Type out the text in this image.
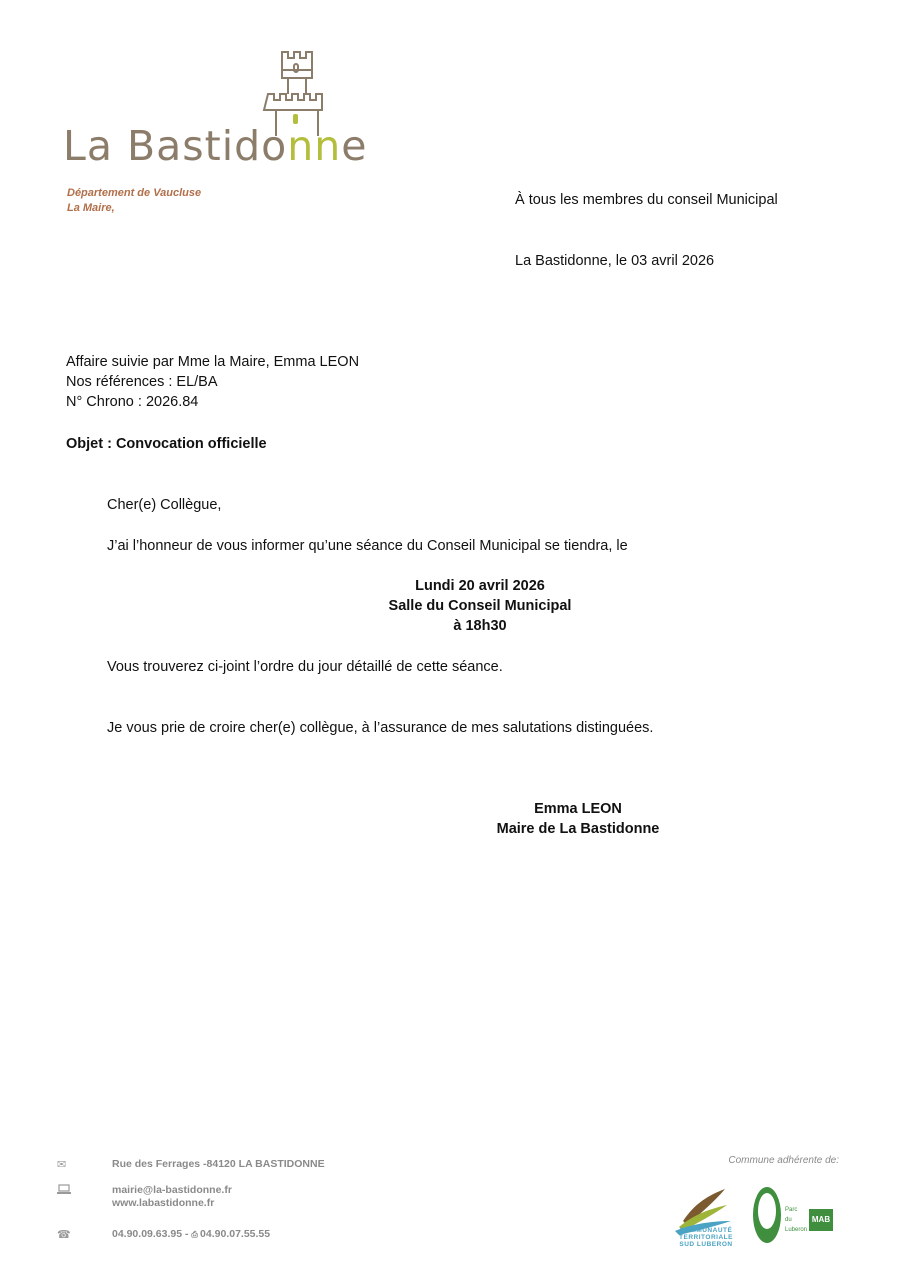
La Bastidonne
Département de Vaucluse
La Maire,	À tous les membres du conseil Municipal
La Bastidonne, le 03 avril 2026
Affaire suivie par Mme la Maire, Emma LEON
Nos références : EL/BA
N° Chrono : 2026.84
Objet : Convocation officielle
Cher(e) Collègue,
J’ai l’honneur de vous informer qu’une séance du Conseil Municipal se tiendra, le
Lundi 20 avril 2026
Salle du Conseil Municipal
à 18h30
Vous trouverez ci-joint l’ordre du jour détaillé de cette séance.
Je vous prie de croire cher(e) collègue, à l’assurance de mes salutations distinguées.
Emma LEON
Maire de La Bastidonne
✉	Rue des Ferrages -84120 LA BASTIDONNE
mairie@la-bastidonne.fr
www.labastidonne.fr
☎	04.90.09.63.95 - ⎙ 04.90.07.55.55
Commune adhérente de:
COMMUNAUTÉ
TERRITORIALE
SUD LUBERON
Parc
du
Luberon
MAB
